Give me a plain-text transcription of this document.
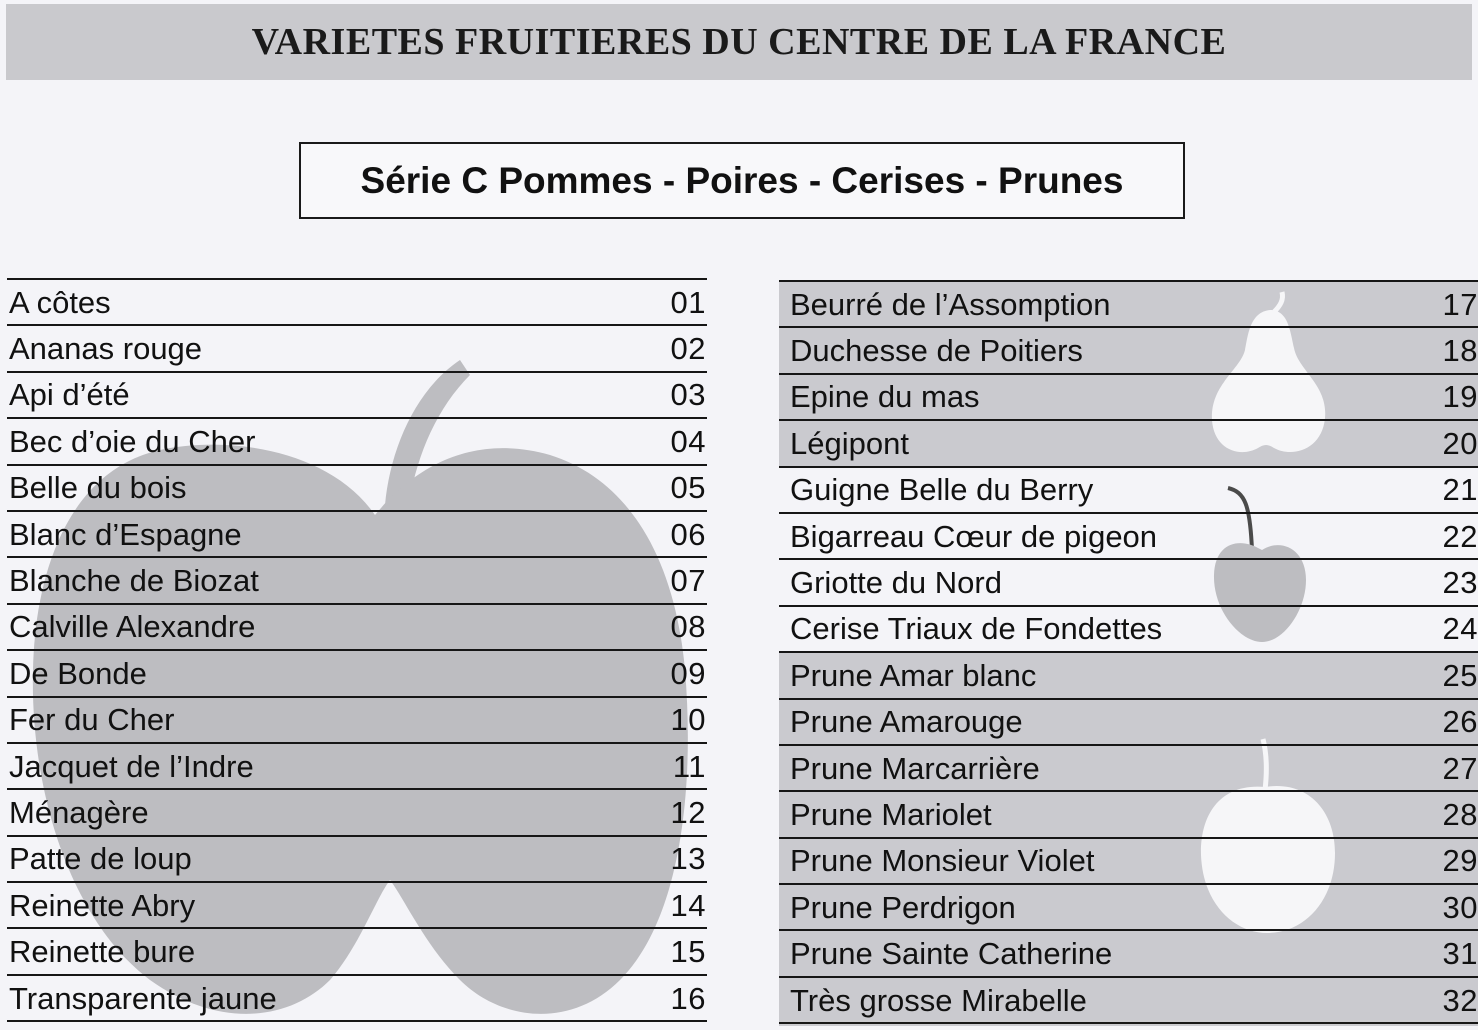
VARIETES FRUITIERES DU CENTRE DE LA FRANCE
Série C Pommes - Poires - Cerises - Prunes
A côtes	01
Ananas rouge	02
Api d’été	03
Bec d’oie du Cher	04
Belle du bois	05
Blanc d’Espagne	06
Blanche de Biozat	07
Calville Alexandre	08
De Bonde	09
Fer du Cher	10
Jacquet de l’Indre	11
Ménagère	12
Patte de loup	13
Reinette Abry	14
Reinette bure	15
Transparente jaune	16
Beurré de l’Assomption	17
Duchesse de Poitiers	18
Epine du mas	19
Légipont	20
Guigne Belle du Berry	21
Bigarreau Cœur de pigeon	22
Griotte du Nord	23
Cerise Triaux de Fondettes	24
Prune Amar blanc	25
Prune Amarouge	26
Prune Marcarrière	27
Prune Mariolet	28
Prune Monsieur Violet	29
Prune Perdrigon	30
Prune Sainte Catherine	31
Très grosse Mirabelle	32
